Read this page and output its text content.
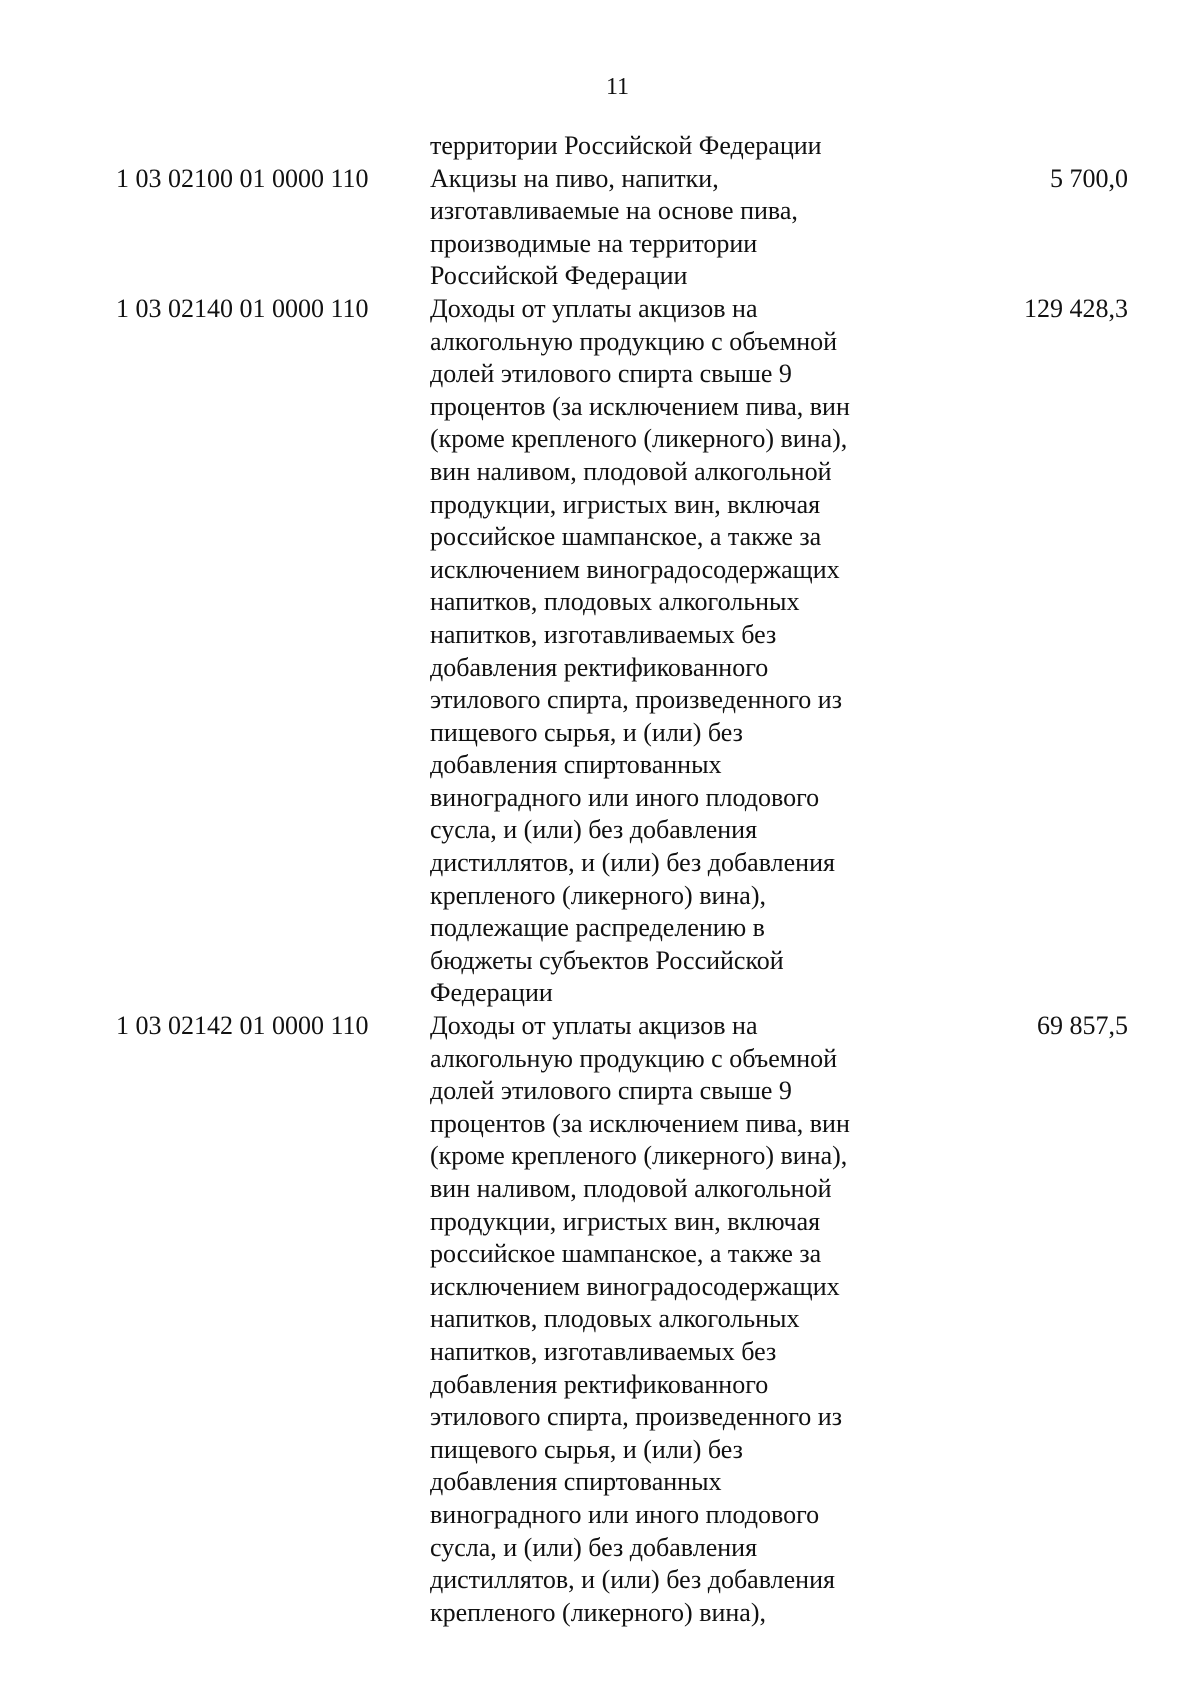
11
территории Российской Федерации
1 03 02100 01 0000 110	Акцизы на пиво, напитки,
изготавливаемые на основе пива,
производимые на территории
Российской Федерации
5 700,0
1 03 02140 01 0000 110	Доходы от уплаты акцизов на
алкогольную продукцию с объемной
долей этилового спирта свыше 9
процентов (за исключением пива, вин
(кроме крепленого (ликерного) вина),
вин наливом, плодовой алкогольной
продукции, игристых вин, включая
российское шампанское, а также за
исключением виноградосодержащих
напитков, плодовых алкогольных
напитков, изготавливаемых без
добавления ректификованного
этилового спирта, произведенного из
пищевого сырья, и (или) без
добавления спиртованных
виноградного или иного плодового
сусла, и (или) без добавления
дистиллятов, и (или) без добавления
крепленого (ликерного) вина),
подлежащие распределению в
бюджеты субъектов Российской
Федерации
129 428,3
1 03 02142 01 0000 110	Доходы от уплаты акцизов на
алкогольную продукцию с объемной
долей этилового спирта свыше 9
процентов (за исключением пива, вин
(кроме крепленого (ликерного) вина),
вин наливом, плодовой алкогольной
продукции, игристых вин, включая
российское шампанское, а также за
исключением виноградосодержащих
напитков, плодовых алкогольных
напитков, изготавливаемых без
добавления ректификованного
этилового спирта, произведенного из
пищевого сырья, и (или) без
добавления спиртованных
виноградного или иного плодового
сусла, и (или) без добавления
дистиллятов, и (или) без добавления
крепленого (ликерного) вина),
69 857,5
